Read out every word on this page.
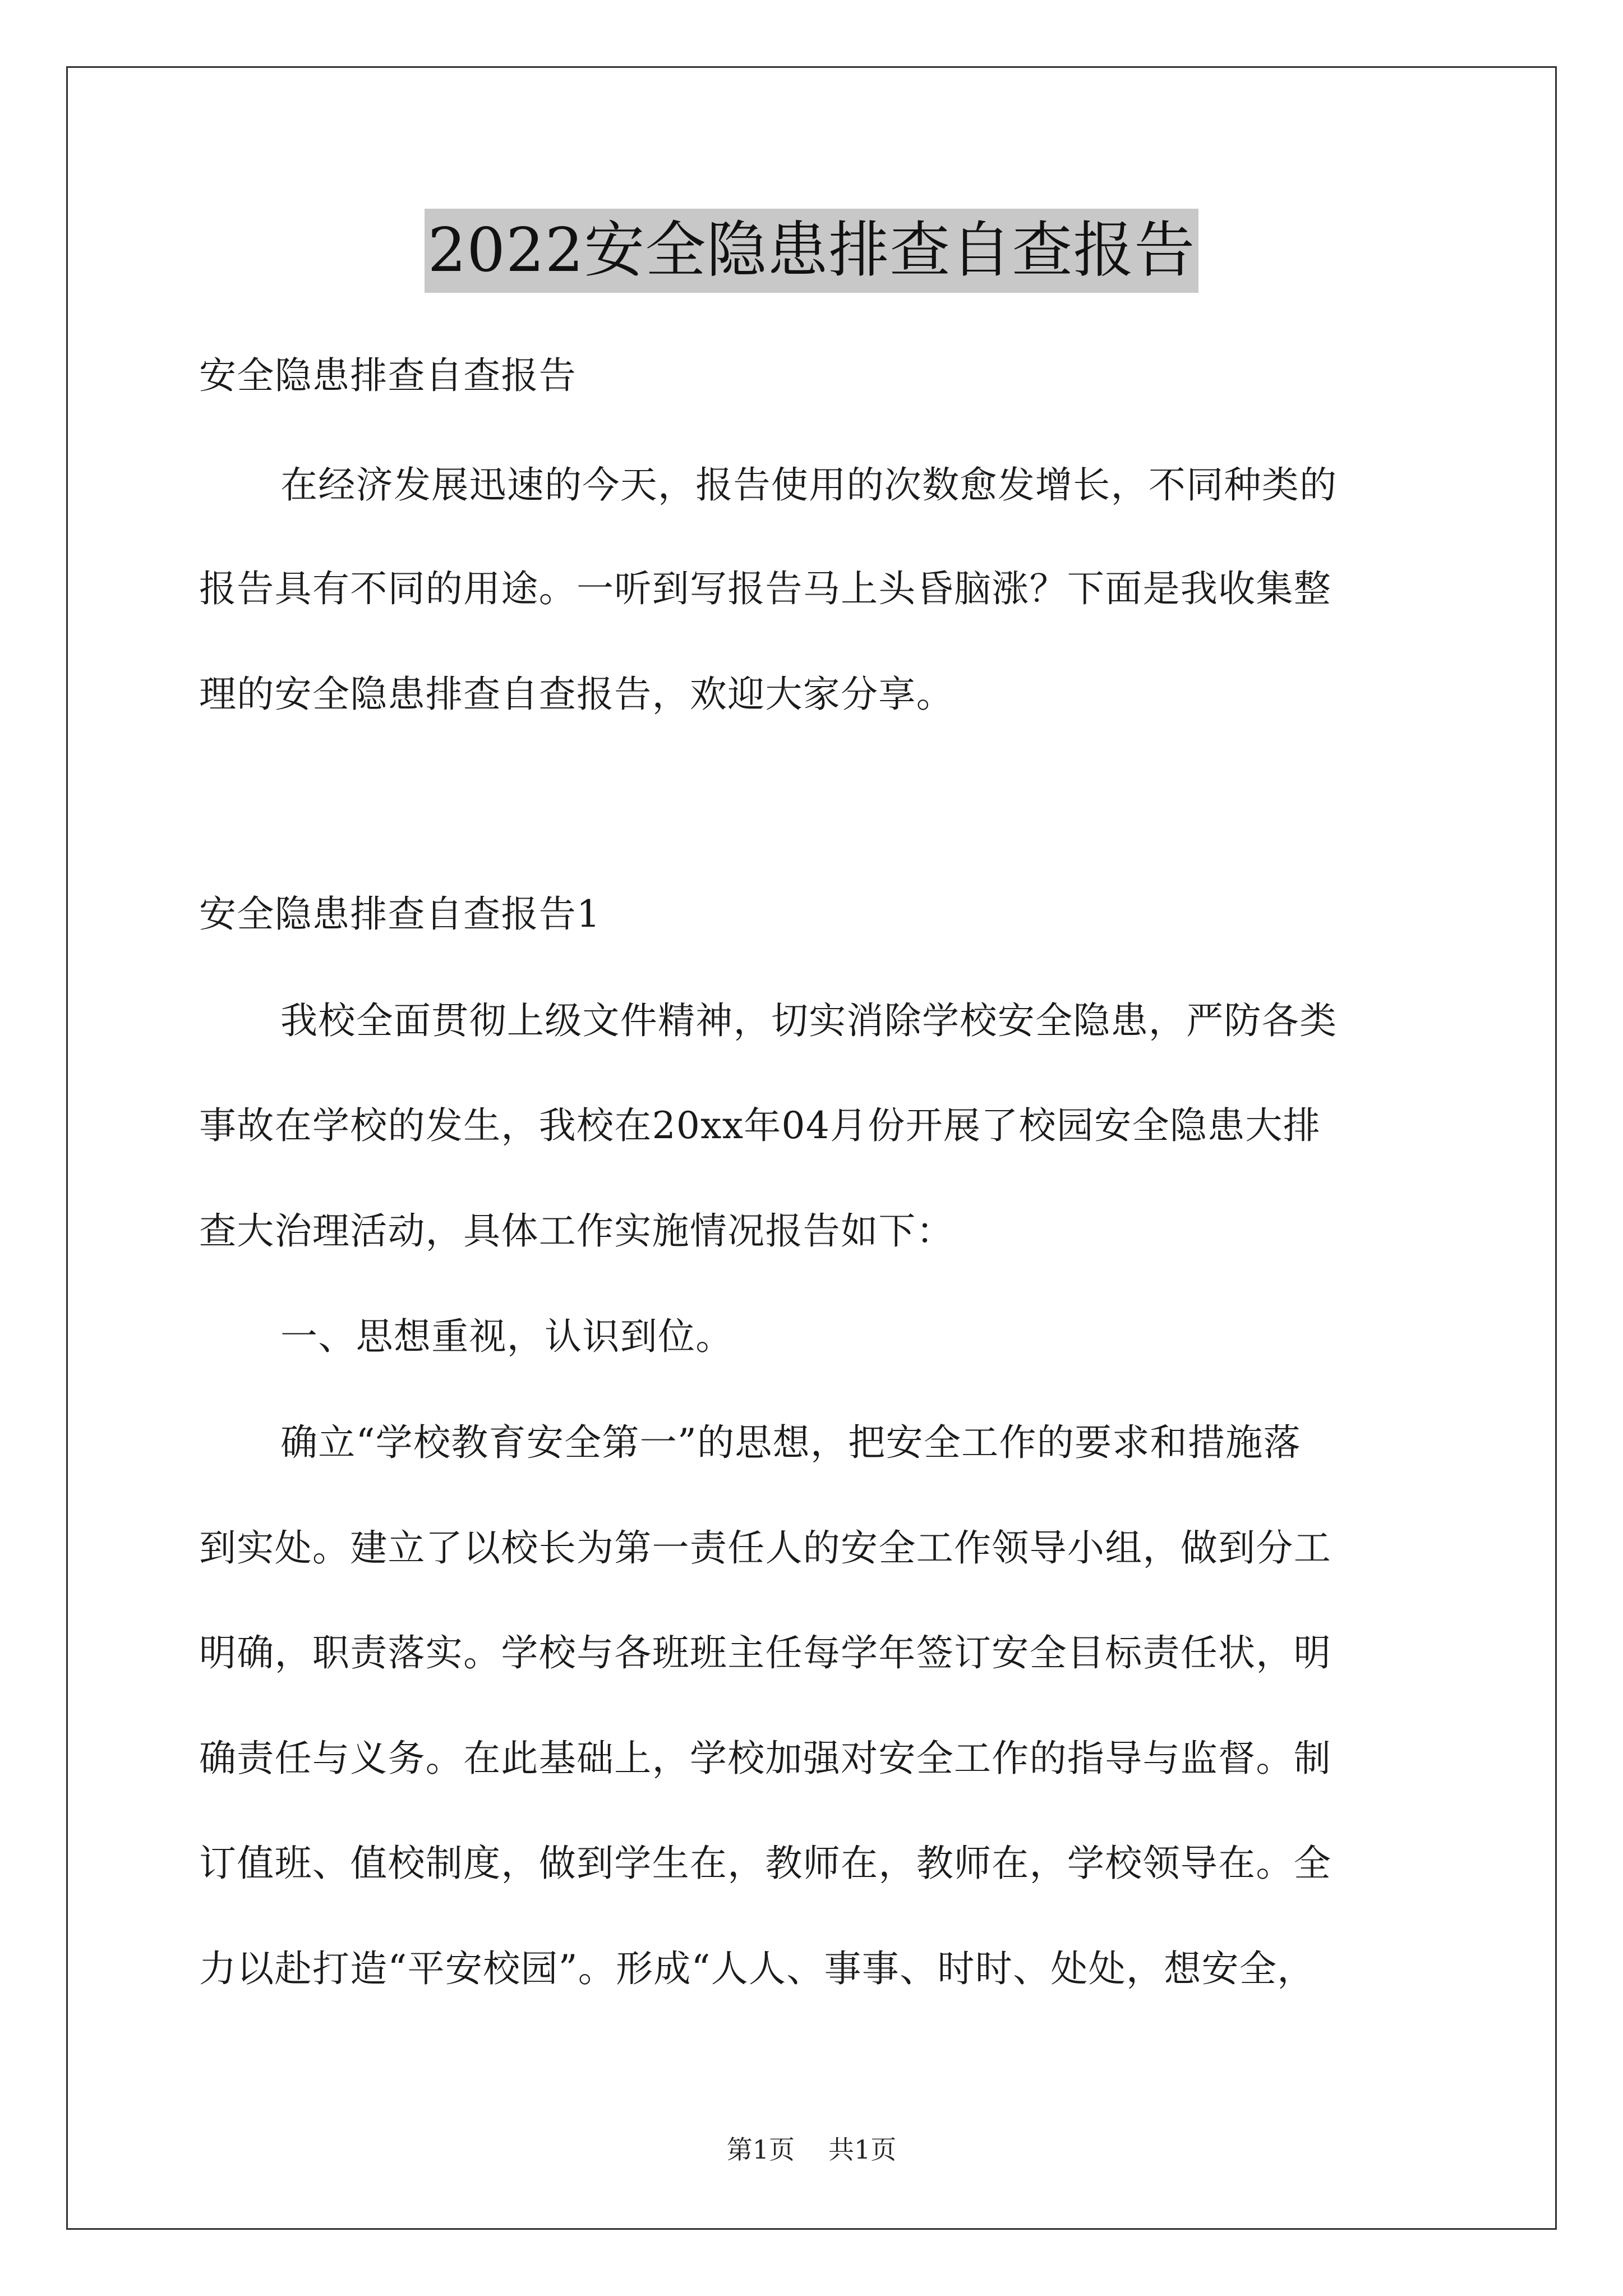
2022安全隐患排查自查报告
安全隐患排查自查报告
在经济发展迅速的今天，报告使用的次数愈发增长，不同种类的
报告具有不同的用途。一听到写报告马上头昏脑涨？下面是我收集整
理的安全隐患排查自查报告，欢迎大家分享。
安全隐患排查自查报告1
我校全面贯彻上级文件精神，切实消除学校安全隐患，严防各类
事故在学校的发生，我校在20xx年04月份开展了校园安全隐患大排
查大治理活动，具体工作实施情况报告如下：
一、思想重视，认识到位。
确立“学校教育安全第一”的思想，把安全工作的要求和措施落
到实处。建立了以校长为第一责任人的安全工作领导小组，做到分工
明确，职责落实。学校与各班班主任每学年签订安全目标责任状，明
确责任与义务。在此基础上，学校加强对安全工作的指导与监督。制
订值班、值校制度，做到学生在，教师在，教师在，学校领导在。全
力以赴打造“平安校园”。形成“人人、事事、时时、处处，想安全，
第1页 共1页
